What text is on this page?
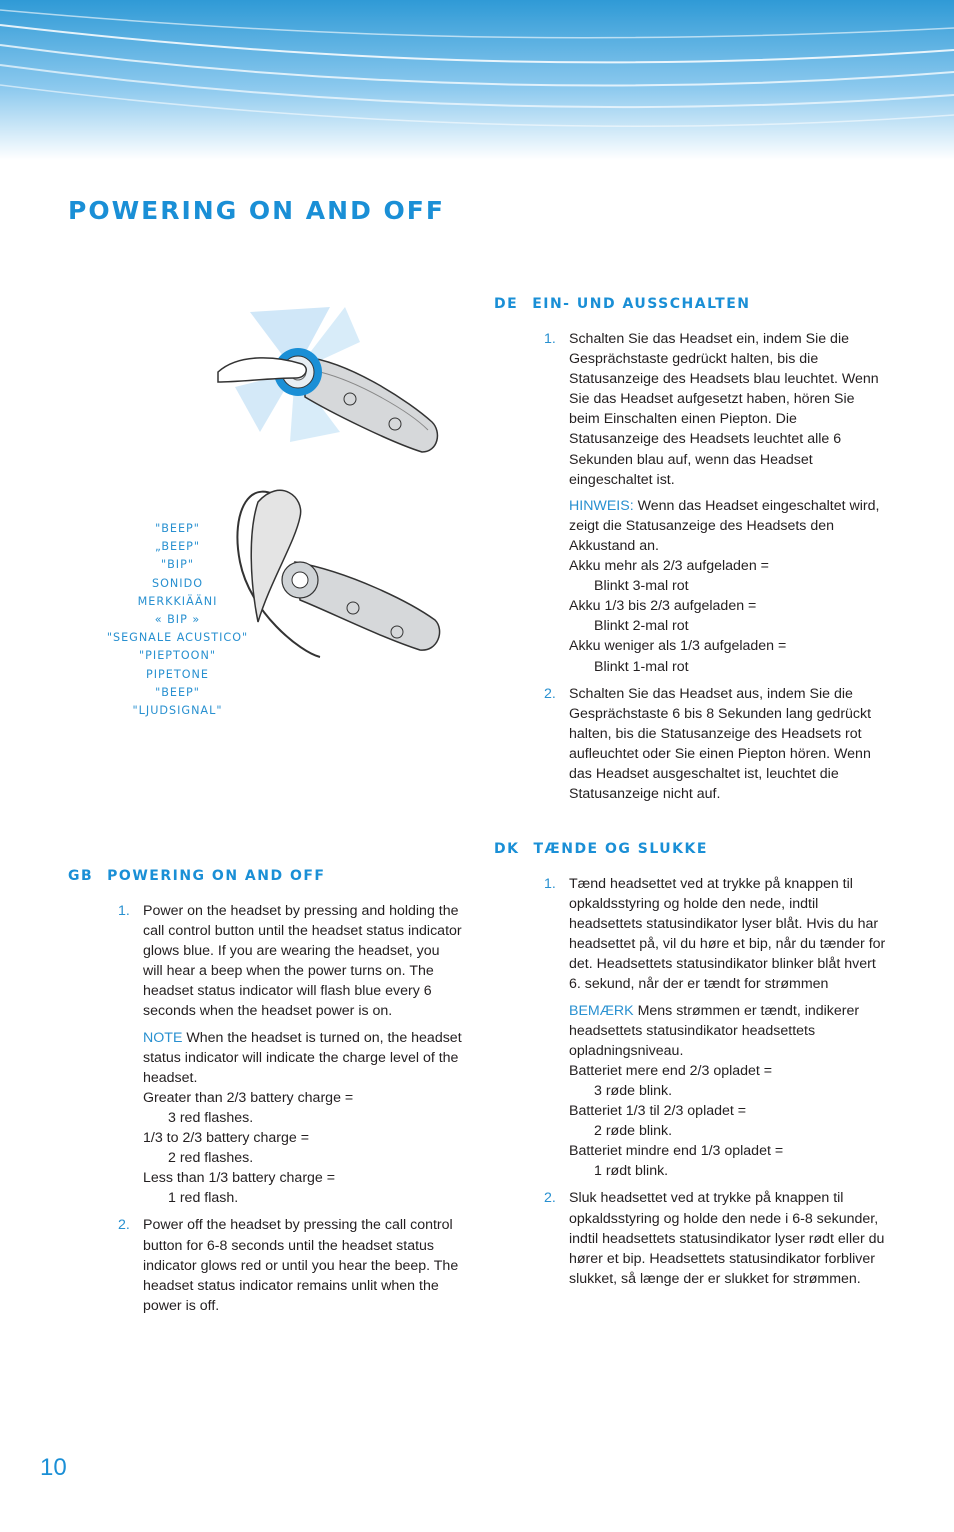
POWERING ON AND OFF
"BEEP"
„BEEP"
"BIP"
SONIDO
MERKKIÄÄNI
« BIP »
"SEGNALE ACUSTICO"
"PIEPTOON"
PIPETONE
"BEEP"
"LJUDSIGNAL"
GB POWERING ON AND OFF
1. Power on the headset by pressing and holding the call control button until the headset status indicator glows blue. If you are wearing the headset, you will hear a beep when the power turns on. The headset status indicator will flash blue every 6 seconds when the headset power is on.
NOTE When the headset is turned on, the headset status indicator will indicate the charge level of the headset.
Greater than 2/3 battery charge =
3 red flashes.
1/3 to 2/3 battery charge =
2 red flashes.
Less than 1/3 battery charge =
1 red flash.
2. Power off the headset by pressing the call control button for 6-8 seconds until the headset status indicator glows red or until you hear the beep. The headset status indicator remains unlit when the power is off.
DE EIN- UND AUSSCHALTEN
1. Schalten Sie das Headset ein, indem Sie die Gesprächstaste gedrückt halten, bis die Statusanzeige des Headsets blau leuchtet. Wenn Sie das Headset aufgesetzt haben, hören Sie beim Einschalten einen Piepton. Die Statusanzeige des Headsets leuchtet alle 6 Sekunden blau auf, wenn das Headset eingeschaltet ist.
HINWEIS: Wenn das Headset eingeschaltet wird, zeigt die Statusanzeige des Headsets den Akkustand an.
Akku mehr als 2/3 aufgeladen =
Blinkt 3-mal rot
Akku 1/3 bis 2/3 aufgeladen =
Blinkt 2-mal rot
Akku weniger als 1/3 aufgeladen =
Blinkt 1-mal rot
2. Schalten Sie das Headset aus, indem Sie die Gesprächstaste 6 bis 8 Sekunden lang gedrückt halten, bis die Statusanzeige des Headsets rot aufleuchtet oder Sie einen Piepton hören. Wenn das Headset ausgeschaltet ist, leuchtet die Statusanzeige nicht auf.
DK TÆNDE OG SLUKKE
1. Tænd headsettet ved at trykke på knappen til opkaldsstyring og holde den nede, indtil headsettets statusindikator lyser blåt. Hvis du har headsettet på, vil du høre et bip, når du tænder for det. Headsettets statusindikator blinker blåt hvert 6. sekund, når der er tændt for strømmen
BEMÆRK Mens strømmen er tændt, indikerer headsettets statusindikator headsettets opladningsniveau.
Batteriet mere end 2/3 opladet =
3 røde blink.
Batteriet 1/3 til 2/3 opladet =
2 røde blink.
Batteriet mindre end 1/3 opladet =
1 rødt blink.
2. Sluk headsettet ved at trykke på knappen til opkaldsstyring og holde den nede i 6-8 sekunder, indtil headsettets statusindikator lyser rødt eller du hører et bip. Headsettets statusindikator forbliver slukket, så længe der er slukket for strømmen.
10
